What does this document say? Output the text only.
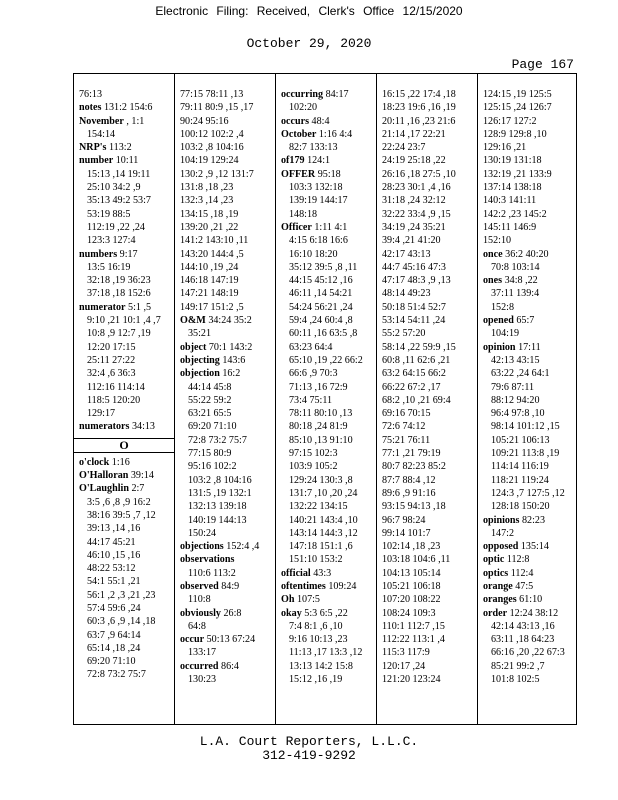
Electronic Filing: Received, Clerk's Office 12/15/2020
October 29, 2020
Page 167
76:13
notes 131:2 154:6
November , 1:1
154:14
NRP's 113:2
number 10:11
15:13 ,14 19:11
25:10 34:2 ,9
35:13 49:2 53:7
53:19 88:5
112:19 ,22 ,24
123:3 127:4
numbers 9:17
13:5 16:19
32:18 ,19 36:23
37:18 ,18 152:6
numerator 5:1 ,5
9:10 ,21 10:1 ,4 ,7
10:8 ,9 12:7 ,19
12:20 17:15
25:11 27:22
32:4 ,6 36:3
112:16 114:14
118:5 120:20
129:17
numerators 34:13
O
o'clock 1:16
O'Halloran 39:14
O'Laughlin 2:7
3:5 ,6 ,8 ,9 16:2
38:16 39:5 ,7 ,12
39:13 ,14 ,16
44:17 45:21
46:10 ,15 ,16
48:22 53:12
54:1 55:1 ,21
56:1 ,2 ,3 ,21 ,23
57:4 59:6 ,24
60:3 ,6 ,9 ,14 ,18
63:7 ,9 64:14
65:14 ,18 ,24
69:20 71:10
72:8 73:2 75:7
77:15 78:11 ,13
79:11 80:9 ,15 ,17
90:24 95:16
100:12 102:2 ,4
103:2 ,8 104:16
104:19 129:24
130:2 ,9 ,12 131:7
131:8 ,18 ,23
132:3 ,14 ,23
134:15 ,18 ,19
139:20 ,21 ,22
141:2 143:10 ,11
143:20 144:4 ,5
144:10 ,19 ,24
146:18 147:19
147:21 148:19
149:17 151:2 ,5
O&M 34:24 35:2
35:21
object 70:1 143:2
objecting 143:6
objection 16:2
44:14 45:8
55:22 59:2
63:21 65:5
69:20 71:10
72:8 73:2 75:7
77:15 80:9
95:16 102:2
103:2 ,8 104:16
131:5 ,19 132:1
132:13 139:18
140:19 144:13
150:24
objections 152:4 ,4
observations
110:6 113:2
observed 84:9
110:8
obviously 26:8
64:8
occur 50:13 67:24
133:17
occurred 86:4
130:23
occurring 84:17
102:20
occurs 48:4
October 1:16 4:4
82:7 133:13
of179 124:1
OFFER 95:18
103:3 132:18
139:19 144:17
148:18
Officer 1:11 4:1
4:15 6:18 16:6
16:10 18:20
35:12 39:5 ,8 ,11
44:15 45:12 ,16
46:11 ,14 54:21
54:24 56:21 ,24
59:4 ,24 60:4 ,8
60:11 ,16 63:5 ,8
63:23 64:4
65:10 ,19 ,22 66:2
66:6 ,9 70:3
71:13 ,16 72:9
73:4 75:11
78:11 80:10 ,13
80:18 ,24 81:9
85:10 ,13 91:10
97:15 102:3
103:9 105:2
129:24 130:3 ,8
131:7 ,10 ,20 ,24
132:22 134:15
140:21 143:4 ,10
143:14 144:3 ,12
147:18 151:1 ,6
151:10 153:2
official 43:3
oftentimes 109:24
Oh 107:5
okay 5:3 6:5 ,22
7:4 8:1 ,6 ,10
9:16 10:13 ,23
11:13 ,17 13:3 ,12
13:13 14:2 15:8
15:12 ,16 ,19
16:15 ,22 17:4 ,18
18:23 19:6 ,16 ,19
20:11 ,16 ,23 21:6
21:14 ,17 22:21
22:24 23:7
24:19 25:18 ,22
26:16 ,18 27:5 ,10
28:23 30:1 ,4 ,16
31:18 ,24 32:12
32:22 33:4 ,9 ,15
34:19 ,24 35:21
39:4 ,21 41:20
42:17 43:13
44:7 45:16 47:3
47:17 48:3 ,9 ,13
48:14 49:23
50:18 51:4 52:7
53:14 54:11 ,24
55:2 57:20
58:14 ,22 59:9 ,15
60:8 ,11 62:6 ,21
63:2 64:15 66:2
66:22 67:2 ,17
68:2 ,10 ,21 69:4
69:16 70:15
72:6 74:12
75:21 76:11
77:1 ,21 79:19
80:7 82:23 85:2
87:7 88:4 ,12
89:6 ,9 91:16
93:15 94:13 ,18
96:7 98:24
99:14 101:7
102:14 ,18 ,23
103:18 104:6 ,11
104:13 105:14
105:21 106:18
107:20 108:22
108:24 109:3
110:1 112:7 ,15
112:22 113:1 ,4
115:3 117:9
120:17 ,24
121:20 123:24
124:15 ,19 125:5
125:15 ,24 126:7
126:17 127:2
128:9 129:8 ,10
129:16 ,21
130:19 131:18
132:19 ,21 133:9
137:14 138:18
140:3 141:11
142:2 ,23 145:2
145:11 146:9
152:10
once 36:2 40:20
70:8 103:14
ones 34:8 ,22
37:11 139:4
152:8
opened 65:7
104:19
opinion 17:11
42:13 43:15
63:22 ,24 64:1
79:6 87:11
88:12 94:20
96:4 97:8 ,10
98:14 101:12 ,15
105:21 106:13
109:21 113:8 ,19
114:14 116:19
118:21 119:24
124:3 ,7 127:5 ,12
128:18 150:20
opinions 82:23
147:2
opposed 135:14
optic 112:8
optics 112:4
orange 47:5
oranges 61:10
order 12:24 38:12
42:14 43:13 ,16
63:11 ,18 64:23
66:16 ,20 ,22 67:3
85:21 99:2 ,7
101:8 102:5
L.A. Court Reporters, L.L.C.
312-419-9292
